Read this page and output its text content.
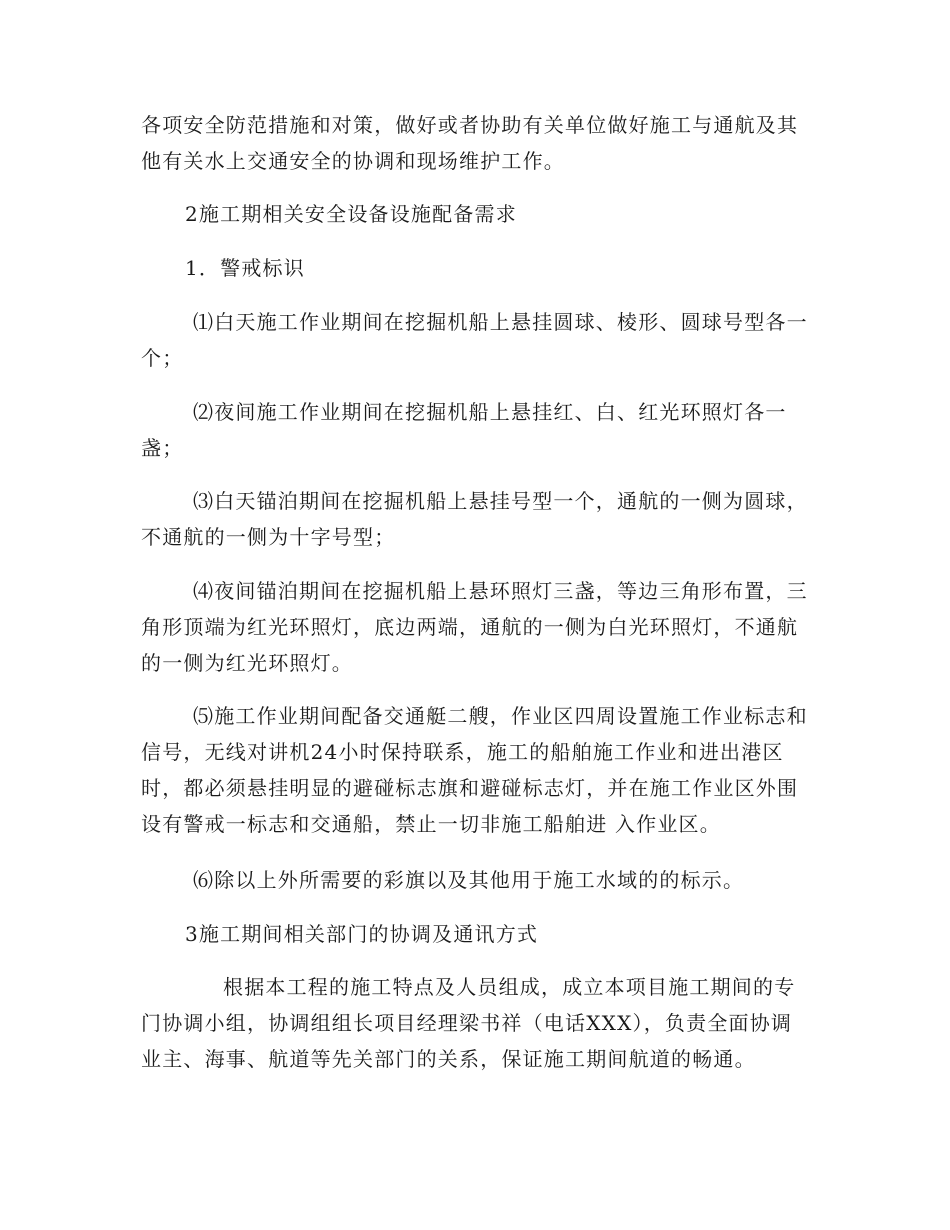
各项安全防范措施和对策，做好或者协助有关单位做好施工与通航及其他有关水上交通安全的协调和现场维护工作。

2施工期相关安全设备设施配备需求

1．警戒标识

⑴白天施工作业期间在挖掘机船上悬挂圆球、棱形、圆球号型各一个；

⑵夜间施工作业期间在挖掘机船上悬挂红、白、红光环照灯各一盏；

⑶白天锚泊期间在挖掘机船上悬挂号型一个，通航的一侧为圆球，不通航的一侧为十字号型；

⑷夜间锚泊期间在挖掘机船上悬环照灯三盏，等边三角形布置，三角形顶端为红光环照灯，底边两端，通航的一侧为白光环照灯，不通航的一侧为红光环照灯。

⑸施工作业期间配备交通艇二艘，作业区四周设置施工作业标志和信号，无线对讲机24小时保持联系，施工的船舶施工作业和进出港区时，都必须悬挂明显的避碰标志旗和避碰标志灯，并在施工作业区外围设有警戒一标志和交通船，禁止一切非施工船舶进 入作业区。

⑹除以上外所需要的彩旗以及其他用于施工水域的的标示。

3施工期间相关部门的协调及通讯方式

根据本工程的施工特点及人员组成，成立本项目施工期间的专门协调小组，协调组组长项目经理梁书祥（电话XXX），负责全面协调业主、海事、航道等先关部门的关系，保证施工期间航道的畅通。
